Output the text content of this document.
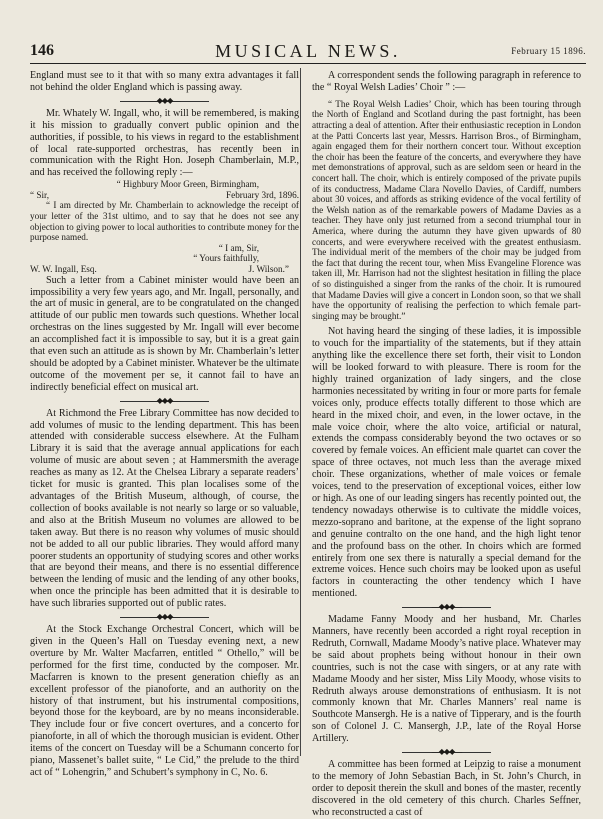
146	MUSICAL NEWS.	February 15 1896.

England must see to it that with so many extra advantages it fall not behind the older England which is passing away.

—◆◆◆—

Mr. Whately W. Ingall, who, it will be remembered, is making it his mission to gradually convert public opinion and the authorities, if possible, to his views in regard to the establishment of local rate-supported orchestras, has recently been in communication with the Right Hon. Joseph Chamberlain, M.P., and has received the following reply :—

“ Highbury Moor Green, Birmingham,

“ Sir,	February 3rd, 1896.

“ I am directed by Mr. Chamberlain to acknowledge the receipt of your letter of the 31st ultimo, and to say that he does not see any objection to giving power to local authorities to contribute money for the purpose named.

“ I am, Sir,

“ Yours faithfully,

W. W. Ingall, Esq.	J. Wilson.”

Such a letter from a Cabinet minister would have been an impossibility a very few years ago, and Mr. Ingall, personally, and the art of music in general, are to be congratulated on the changed attitude of our public men towards such questions. Whether local orchestras on the lines suggested by Mr. Ingall will ever become an accomplished fact it is impossible to say, but it is a great gain that even such an attitude as is shown by Mr. Chamberlain’s letter should be adopted by a Cabinet minister. Whatever be the ultimate outcome of the movement per se, it cannot fail to have an indirectly beneficial effect on musical art.

—◆◆◆—

At Richmond the Free Library Committee has now decided to add volumes of music to the lending department. This has been attended with considerable success elsewhere. At the Fulham Library it is said that the average annual applications for each volume of music are about seven ; at Hammersmith the average reaches as many as 12. At the Chelsea Library a separate readers’ ticket for music is granted. This plan localises some of the advantages of the British Museum, although, of course, the collection of books available is not nearly so large or so valuable, and also at the British Museum no volumes are allowed to be taken away. But there is no reason why volumes of music should not be added to all our public libraries. They would afford many poorer students an opportunity of studying scores and other works that are beyond their means, and there is no essential difference between the lending of music and the lending of any other books, when once the principle has been admitted that it is desirable to have such libraries supported out of public rates.

—◆◆◆—

At the Stock Exchange Orchestral Concert, which will be given in the Queen’s Hall on Tuesday evening next, a new overture by Mr. Walter Macfarren, entitled “ Othello,” will be performed for the first time, conducted by the composer. Mr. Macfarren is known to the present generation chiefly as an excellent professor of the pianoforte, and an authority on the history of that instrument, but his instrumental compositions, beyond those for the keyboard, are by no means inconsiderable. They include four or five concert overtures, and a concerto for pianoforte, in all of which the thorough musician is evident. Other items of the concert on Tuesday will be a Schumann concerto for piano, Massenet’s ballet suite, “ Le Cid,” the prelude to the third act of “ Lohengrin,” and Schubert’s symphony in C, No. 6.

A correspondent sends the following paragraph in reference to the “ Royal Welsh Ladies’ Choir ” :—

“ The Royal Welsh Ladies’ Choir, which has been touring through the North of England and Scotland during the past fortnight, has been attracting a deal of attention. After their enthusiastic reception in London at the Patti Concerts last year, Messrs. Harrison Bros., of Birmingham, again engaged them for their northern concert tour. Without exception the choir has been the feature of the concerts, and everywhere they have met demonstrations of approval, such as are seldom seen or heard in the concert hall. The choir, which is entirely composed of the private pupils of its conductress, Madame Clara Novello Davies, of Cardiff, numbers about 30 voices, and affords as striking evidence of the vocal fertility of the Welsh nation as of the remarkable powers of Madame Davies as a teacher. They have only just returned from a second triumphal tour in America, where during the autumn they have given upwards of 80 concerts, and were everywhere received with the greatest enthusiasm. The individual merit of the members of the choir may be judged from the fact that during the recent tour, when Miss Evangeline Florence was taken ill, Mr. Harrison had not the slightest hesitation in filling the place of so distinguished a singer from the ranks of the choir. It is rumoured that Madame Davies will give a concert in London soon, so that we shall have the opportunity of realising the perfection to which female part-singing may be brought.”

Not having heard the singing of these ladies, it is impossible to vouch for the impartiality of the statements, but if they attain anything like the excellence there set forth, their visit to London will be looked forward to with pleasure. There is room for the highly trained organization of lady singers, and the close harmonies necessitated by writing in four or more parts for female voices only, produce effects totally different to those which are heard in the mixed choir, and even, in the lower octave, in the male voice choir, where the alto voice, artificial or natural, extends the compass considerably beyond the two octaves or so covered by female voices. An efficient male quartet can cover the space of three octaves, not much less than the average mixed choir. These organizations, whether of male voices or female voices, tend to the preservation of exceptional voices, either low or high. As one of our leading singers has recently pointed out, the tendency nowadays otherwise is to cultivate the middle voices, mezzo-soprano and baritone, at the expense of the light soprano and genuine contralto on the one hand, and the high light tenor and the profound bass on the other. In choirs which are formed entirely from one sex there is naturally a special demand for the extreme voices. Hence such choirs may be looked upon as useful factors in counteracting the other tendency which I have mentioned.

—◆◆◆—

Madame Fanny Moody and her husband, Mr. Charles Manners, have recently been accorded a right royal reception in Redruth, Cornwall, Madame Moody’s native place. Whatever may be said about prophets being without honour in their own countries, such is not the case with singers, or at any rate with Madame Moody and her sister, Miss Lily Moody, whose visits to Redruth always arouse demonstrations of enthusiasm. It is not commonly known that Mr. Charles Manners’ real name is Southcote Mansergh. He is a native of Tipperary, and is the fourth son of Colonel J. C. Mansergh, J.P., late of the Royal Horse Artillery.

—◆◆◆—

A committee has been formed at Leipzig to raise a monument to the memory of John Sebastian Bach, in St. John’s Church, in order to deposit therein the skull and bones of the master, recently discovered in the old cemetery of this church. Charles Seffner, who reconstructed a cast of
